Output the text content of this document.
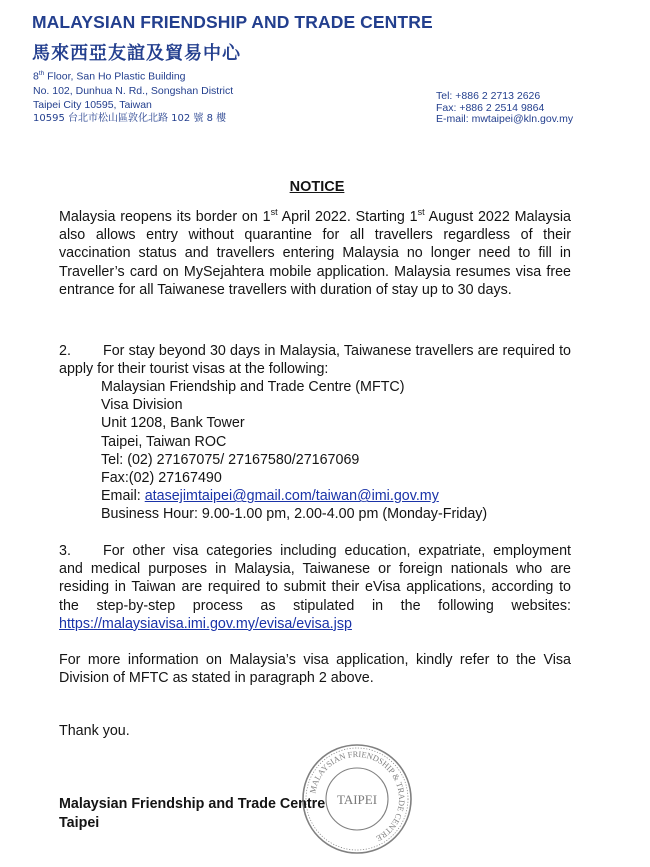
MALAYSIAN FRIENDSHIP AND TRADE CENTRE
馬來西亞友誼及貿易中心
8th Floor, San Ho Plastic Building
No. 102, Dunhua N. Rd., Songshan District
Taipei City 10595, Taiwan
10595 台北市松山區敦化北路 102 號 8 樓
Tel: +886 2 2713 2626
Fax: +886 2 2514 9864
E-mail: mwtaipei@kln.gov.my
NOTICE
Malaysia reopens its border on 1st April 2022. Starting 1st August 2022 Malaysia also allows entry without quarantine for all travellers regardless of their vaccination status and travellers entering Malaysia no longer need to fill in Traveller’s card on MySejahtera mobile application. Malaysia resumes visa free entrance for all Taiwanese travellers with duration of stay up to 30 days.
2. For stay beyond 30 days in Malaysia, Taiwanese travellers are required to apply for their tourist visas at the following:
Malaysian Friendship and Trade Centre (MFTC)
Visa Division
Unit 1208, Bank Tower
Taipei, Taiwan ROC
Tel: (02) 27167075/ 27167580/27167069
Fax:(02) 27167490
Email: atasejimtaipei@gmail.com/taiwan@imi.gov.my
Business Hour: 9.00-1.00 pm, 2.00-4.00 pm (Monday-Friday)
3. For other visa categories including education, expatriate, employment and medical purposes in Malaysia, Taiwanese or foreign nationals who are residing in Taiwan are required to submit their eVisa applications, according to the step-by-step process as stipulated in the following websites: https://malaysiavisa.imi.gov.my/evisa/evisa.jsp
For more information on Malaysia’s visa application, kindly refer to the Visa Division of MFTC as stated in paragraph 2 above.
Thank you.
Malaysian Friendship and Trade Centre
Taipei
MALAYSIAN FRIENDSHIP & TRADE CENTRE
TAIPEI
